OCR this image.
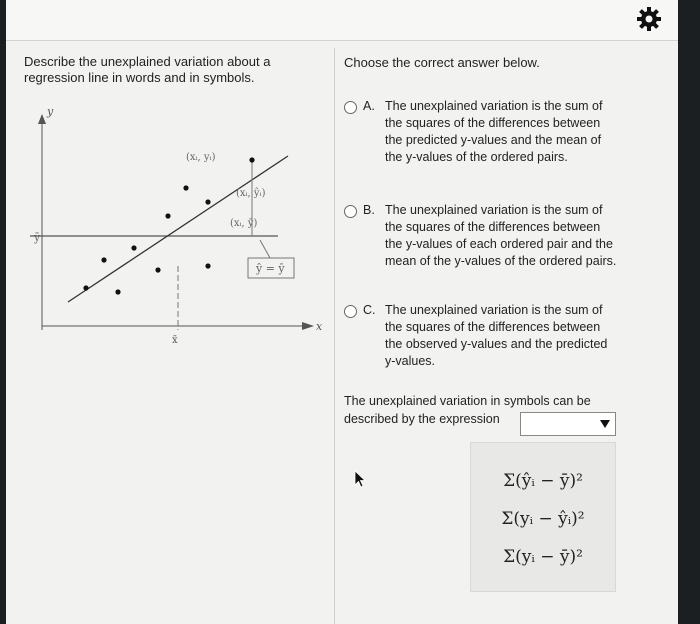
Describe the unexplained variation about a regression line in words and in symbols.
y
x
ȳ
x̄
(xᵢ, yᵢ)
(xᵢ, ŷᵢ)
(xᵢ, ȳ)
ŷ = ȳ
Choose the correct answer below.
A. The unexplained variation is the sum of the squares of the differences between the predicted y-values and the mean of the y-values of the ordered pairs.
B. The unexplained variation is the sum of the squares of the differences between the y-values of each ordered pair and the mean of the y-values of the ordered pairs.
C. The unexplained variation is the sum of the squares of the differences between the observed y-values and the predicted y-values.
The unexplained variation in symbols can be described by the expression
Σ(ŷᵢ − ȳ)²
Σ(yᵢ − ŷᵢ)²
Σ(yᵢ − ȳ)²
